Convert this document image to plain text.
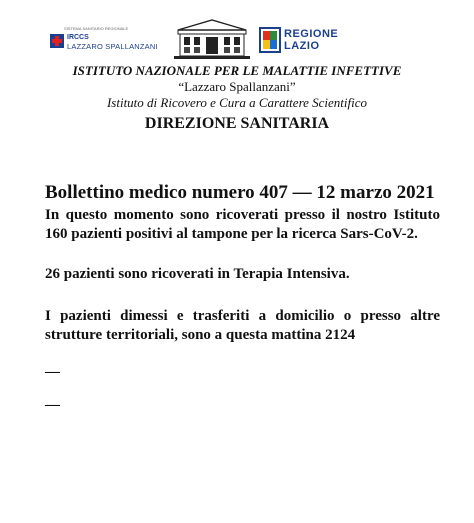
SISTEMA SANITARIO REGIONALE
IRCCS
LAZZARO SPALLANZANI
REGIONE
LAZIO
ISTITUTO NAZIONALE PER LE MALATTIE INFETTIVE
“Lazzaro Spallanzani”
Istituto di Ricovero e Cura a Carattere Scientifico
DIREZIONE SANITARIA
Bollettino medico numero 407 — 12 marzo 2021
In questo momento sono ricoverati presso il nostro Istituto 160 pazienti positivi al tampone per la ricerca Sars-CoV-2.
26 pazienti sono ricoverati in Terapia Intensiva.
I pazienti dimessi e trasferiti a domicilio o presso altre strutture territoriali, sono a questa mattina 2124
__
__
